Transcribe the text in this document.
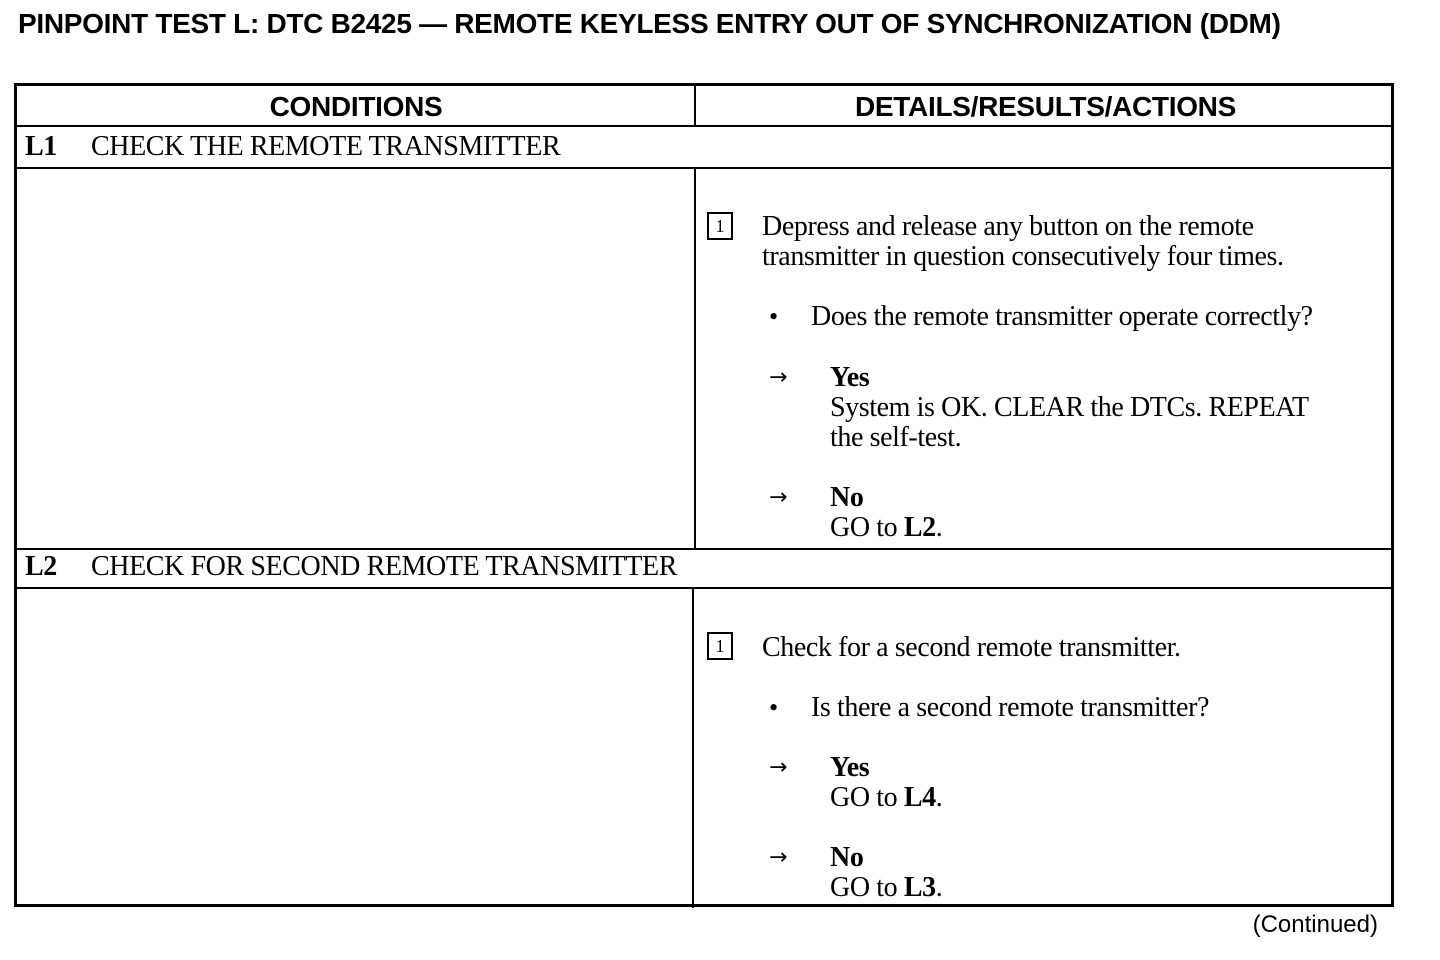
PINPOINT TEST L: DTC B2425 — REMOTE KEYLESS ENTRY OUT OF SYNCHRONIZATION (DDM)
CONDITIONS	DETAILS/RESULTS/ACTIONS
L1 CHECK THE REMOTE TRANSMITTER
1	Depress and release any button on the remote
transmitter in question consecutively four times.
• Does the remote transmitter operate correctly?
→ Yes
System is OK. CLEAR the DTCs. REPEAT
the self-test.
→ No
GO to L2.
L2 CHECK FOR SECOND REMOTE TRANSMITTER
1	Check for a second remote transmitter.
• Is there a second remote transmitter?
→ Yes
GO to L4.
→ No
GO to L3.
(Continued)
